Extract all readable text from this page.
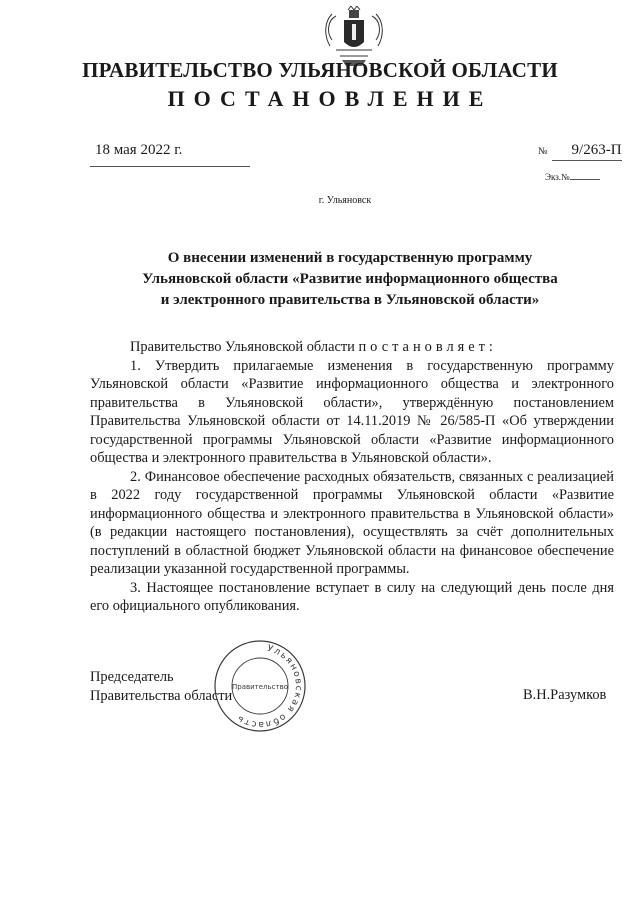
ПРАВИТЕЛЬСТВО УЛЬЯНОВСКОЙ ОБЛАСТИ
ПОСТАНОВЛЕНИЕ
18 мая 2022 г.	№ 9/263-П
Экз.№
г. Ульяновск
О внесении изменений в государственную программу
Ульяновской области «Развитие информационного общества
и электронного правительства в Ульяновской области»

Правительство Ульяновской области постановляет:

1. Утвердить прилагаемые изменения в государственную программу Ульяновской области «Развитие информационного общества и электронного правительства в Ульяновской области», утверждённую постановлением Правительства Ульяновской области от 14.11.2019 № 26/585-П «Об утверждении государственной программы Ульяновской области «Развитие информационного общества и электронного правительства в Ульяновской области».

2. Финансовое обеспечение расходных обязательств, связанных с реализацией в 2022 году государственной программы Ульяновской области «Развитие информационного общества и электронного правительства в Ульяновской области» (в редакции настоящего постановления), осуществлять за счёт дополнительных поступлений в областной бюджет Ульяновской области на финансовое обеспечение реализации указанной государственной программы.

3. Настоящее постановление вступает в силу на следующий день после дня его официального опубликования.

Председатель
Правительства области	В.Н.Разумков
Ульяновская область
Правительство
